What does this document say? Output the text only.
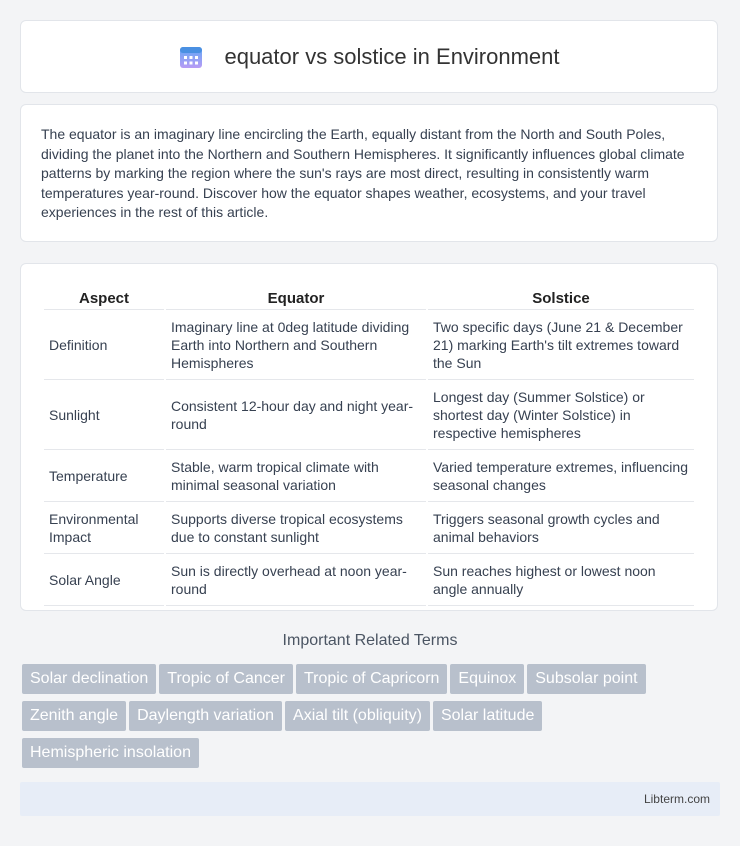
equator vs solstice in Environment
The equator is an imaginary line encircling the Earth, equally distant from the North and South Poles, dividing the planet into the Northern and Southern Hemispheres. It significantly influences global climate patterns by marking the region where the sun's rays are most direct, resulting in consistently warm temperatures year-round. Discover how the equator shapes weather, ecosystems, and your travel experiences in the rest of this article.
Aspect	Equator	Solstice
Definition	Imaginary line at 0deg latitude dividing Earth into Northern and Southern Hemispheres	Two specific days (June 21 & December 21) marking Earth's tilt extremes toward the Sun
Sunlight	Consistent 12-hour day and night year-round	Longest day (Summer Solstice) or shortest day (Winter Solstice) in respective hemispheres
Temperature	Stable, warm tropical climate with minimal seasonal variation	Varied temperature extremes, influencing seasonal changes
Environmental Impact	Supports diverse tropical ecosystems due to constant sunlight	Triggers seasonal growth cycles and animal behaviors
Solar Angle	Sun is directly overhead at noon year-round	Sun reaches highest or lowest noon angle annually
Important Related Terms
Solar declination Tropic of Cancer Tropic of Capricorn Equinox Subsolar point
Zenith angle Daylength variation Axial tilt (obliquity) Solar latitude
Hemispheric insolation
Libterm.com
